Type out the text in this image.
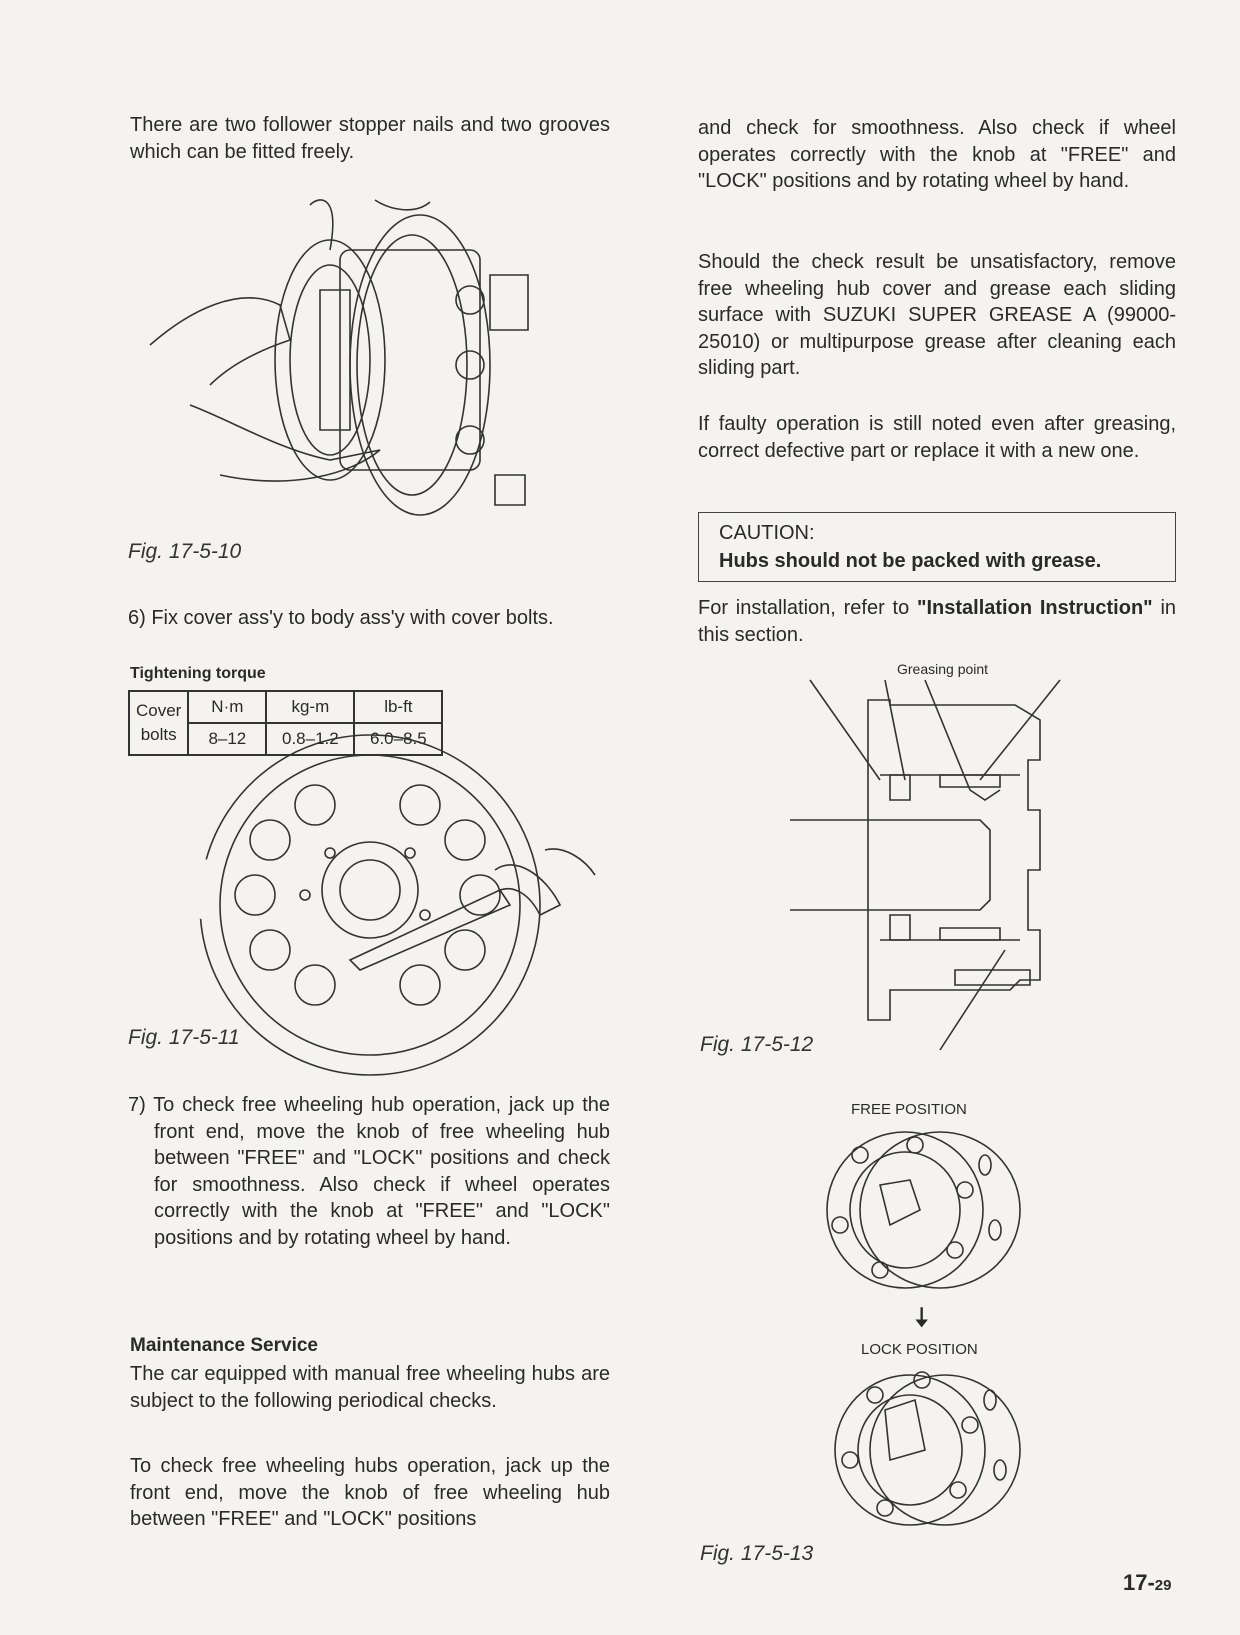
There are two follower stopper nails and two grooves which can be fitted freely.
Fig. 17-5-10
6) Fix cover ass'y to body ass'y with cover bolts.
Tightening torque
Cover
bolts	N·m	kg-m	lb-ft
	8–12	0.8–1.2	6.0–8.5
Fig. 17-5-11
7) To check free wheeling hub operation, jack up the front end, move the knob of free wheeling hub between "FREE" and "LOCK" positions and check for smoothness. Also check if wheel operates correctly with the knob at "FREE" and "LOCK" positions and by rotating wheel by hand.
Maintenance Service
The car equipped with manual free wheeling hubs are subject to the following periodical checks.
To check free wheeling hubs operation, jack up the front end, move the knob of free wheeling hub between "FREE" and "LOCK" positions
and check for smoothness. Also check if wheel operates correctly with the knob at "FREE" and "LOCK" positions and by rotating wheel by hand.
Should the check result be unsatisfactory, remove free wheeling hub cover and grease each sliding surface with SUZUKI SUPER GREASE A (99000-25010) or multipurpose grease after cleaning each sliding part.
If faulty operation is still noted even after greasing, correct defective part or replace it with a new one.
CAUTION:
Hubs should not be packed with grease.
For installation, refer to "Installation Instruction" in this section.
Greasing point
Fig. 17-5-12
FREE POSITION
🠇
LOCK POSITION
Fig. 17-5-13
17-29
